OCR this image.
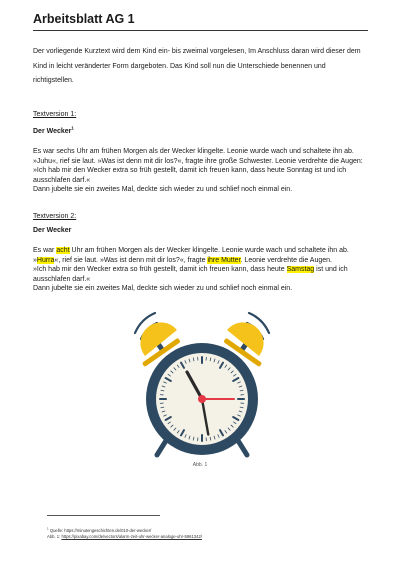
Arbeitsblatt AG 1
Der vorliegende Kurztext wird dem Kind ein- bis zweimal vorgelesen, Im Anschluss daran wird dieser dem Kind in leicht veränderter Form dargeboten. Das Kind soll nun die Unterschiede benennen und richtigstellen.
Textversion 1:
Der Wecker$^1$
Es war sechs Uhr am frühen Morgen als der Wecker klingelte. Leonie wurde wach und schaltete ihn ab. »Juhu«, rief sie laut. »Was ist denn mit dir los?«, fragte ihre große Schwester. Leonie verdrehte die Augen:
»Ich hab mir den Wecker extra so früh gestellt, damit ich freuen kann, dass heute Sonntag ist und ich ausschlafen darf.«
Dann jubelte sie ein zweites Mal, deckte sich wieder zu und schlief noch einmal ein.
Textversion 2:
Der Wecker
Es war acht Uhr am frühen Morgen als der Wecker klingelte. Leonie wurde wach und schaltete ihn ab. »Hurra«, rief sie laut. »Was ist denn mit dir los?«, fragte ihre Mutter. Leonie verdrehte die Augen.
»Ich hab mir den Wecker extra so früh gestellt, damit ich freuen kann, dass heute Samstag ist und ich ausschlafen darf.«
Dann jubelte sie ein zweites Mal, deckte sich wieder zu und schlief noch einmal ein.
Abb. 1
$^1$ Quelle: https://minutengeschichten.de/010-der-wecker/
Abb. 1: https://pixabay.com/de/vectors/alarm-zeit-uhr-wecker-analoge-uhr-5961342/
